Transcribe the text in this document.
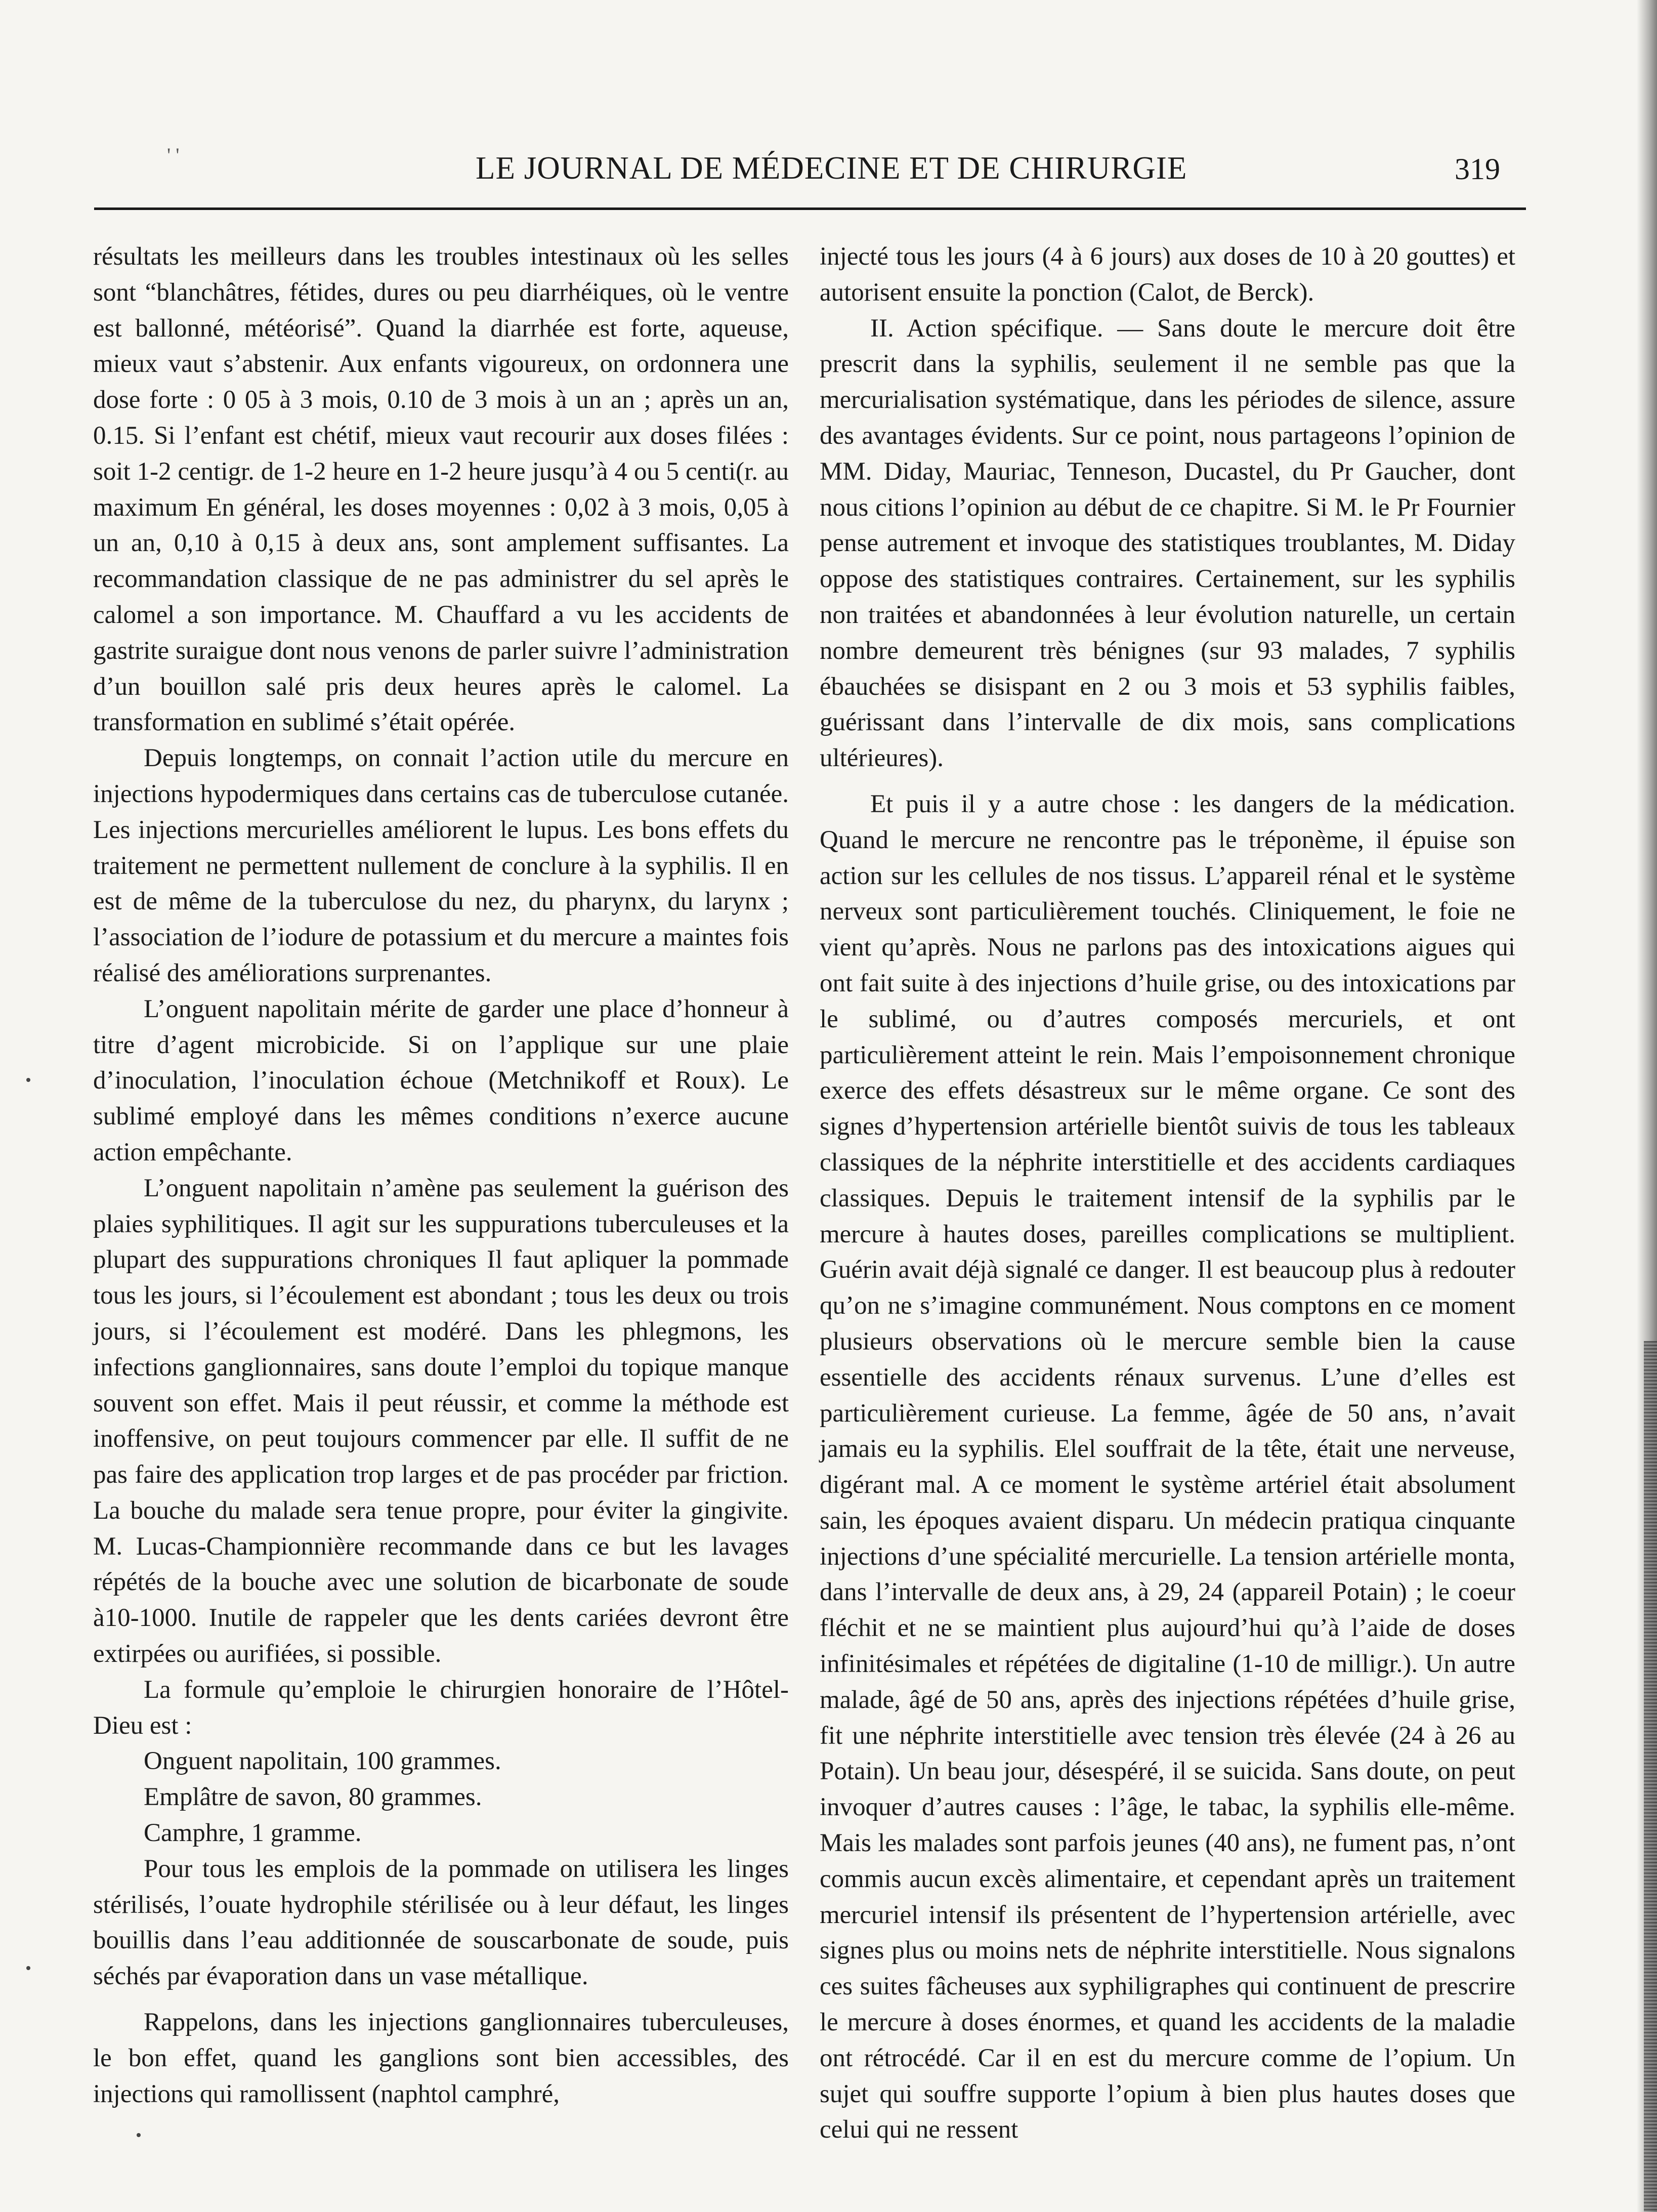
' '	LE JOURNAL DE MÉDECINE ET DE CHIRURGIE	319

résultats les meilleurs dans les troubles intestinaux où les selles sont “blanchâtres, fétides, dures ou peu diarrhéiques, où le ventre est ballonné, météorisé”. Quand la diarrhée est forte, aqueuse, mieux vaut s’abstenir. Aux enfants vigoureux, on ordonnera une dose forte : 0 05 à 3 mois, 0.10 de 3 mois à un an ; après un an, 0.15. Si l’enfant est chétif, mieux vaut recourir aux doses filées : soit 1-2 centigr. de 1-2 heure en 1-2 heure jusqu’à 4 ou 5 centi(r. au maximum En général, les doses moyennes : 0,02 à 3 mois, 0,05 à un an, 0,10 à 0,15 à deux ans, sont amplement suffisantes. La recommandation classique de ne pas administrer du sel après le calomel a son importance. M. Chauffard a vu les accidents de gastrite suraigue dont nous venons de parler suivre l’administration d’un bouillon salé pris deux heures après le calomel. La transformation en sublimé s’était opérée.

Depuis longtemps, on connait l’action utile du mercure en injections hypodermiques dans certains cas de tuberculose cutanée. Les injections mercurielles améliorent le lupus. Les bons effets du traitement ne permettent nullement de conclure à la syphilis. Il en est de même de la tuberculose du nez, du pharynx, du larynx ; l’association de l’iodure de potassium et du mercure a maintes fois réalisé des améliorations surprenantes.

L’onguent napolitain mérite de garder une place d’honneur à titre d’agent microbicide. Si on l’applique sur une plaie d’inoculation, l’inoculation échoue (Metchnikoff et Roux). Le sublimé employé dans les mêmes conditions n’exerce aucune action empêchante.

L’onguent napolitain n’amène pas seulement la guérison des plaies syphilitiques. Il agit sur les suppurations tuberculeuses et la plupart des suppurations chroniques Il faut apliquer la pommade tous les jours, si l’écoulement est abondant ; tous les deux ou trois jours, si l’écoulement est modéré. Dans les phlegmons, les infections ganglionnaires, sans doute l’emploi du topique manque souvent son effet. Mais il peut réussir, et comme la méthode est inoffensive, on peut toujours commencer par elle. Il suffit de ne pas faire des application trop larges et de pas procéder par friction. La bouche du malade sera tenue propre, pour éviter la gingivite. M. Lucas-Championnière recommande dans ce but les lavages répétés de la bouche avec une solution de bicarbonate de soude à10-1000. Inutile de rappeler que les dents cariées devront être extirpées ou aurifiées, si possible.

La formule qu’emploie le chirurgien honoraire de l’Hôtel-Dieu est :

Onguent napolitain, 100 grammes.

Emplâtre de savon, 80 grammes.

Camphre, 1 gramme.

Pour tous les emplois de la pommade on utilisera les linges stérilisés, l’ouate hydrophile stérilisée ou à leur défaut, les linges bouillis dans l’eau additionnée de souscarbonate de soude, puis séchés par évaporation dans un vase métallique.

Rappelons, dans les injections ganglionnaires tuberculeuses, le bon effet, quand les ganglions sont bien accessibles, des injections qui ramollissent (naphtol camphré,

injecté tous les jours (4 à 6 jours) aux doses de 10 à 20 gouttes) et autorisent ensuite la ponction (Calot, de Berck).

II. Action spécifique. — Sans doute le mercure doit être prescrit dans la syphilis, seulement il ne semble pas que la mercurialisation systématique, dans les périodes de silence, assure des avantages évidents. Sur ce point, nous partageons l’opinion de MM. Diday, Mauriac, Tenneson, Ducastel, du Pr Gaucher, dont nous citions l’opinion au début de ce chapitre. Si M. le Pr Fournier pense autrement et invoque des statistiques troublantes, M. Diday oppose des statistiques contraires. Certainement, sur les syphilis non traitées et abandonnées à leur évolution naturelle, un certain nombre demeurent très bénignes (sur 93 malades, 7 syphilis ébauchées se disispant en 2 ou 3 mois et 53 syphilis faibles, guérissant dans l’intervalle de dix mois, sans complications ultérieures).

Et puis il y a autre chose : les dangers de la médication. Quand le mercure ne rencontre pas le tréponème, il épuise son action sur les cellules de nos tissus. L’appareil rénal et le système nerveux sont particulièrement touchés. Cliniquement, le foie ne vient qu’après. Nous ne parlons pas des intoxications aigues qui ont fait suite à des injections d’huile grise, ou des intoxications par le sublimé, ou d’autres composés mercuriels, et ont particulièrement atteint le rein. Mais l’empoisonnement chronique exerce des effets désastreux sur le même organe. Ce sont des signes d’hypertension artérielle bientôt suivis de tous les tableaux classiques de la néphrite interstitielle et des accidents cardiaques classiques. Depuis le traitement intensif de la syphilis par le mercure à hautes doses, pareilles complications se multiplient. Guérin avait déjà signalé ce danger. Il est beaucoup plus à redouter qu’on ne s’imagine communément. Nous comptons en ce moment plusieurs observations où le mercure semble bien la cause essentielle des accidents rénaux survenus. L’une d’elles est particulièrement curieuse. La femme, âgée de 50 ans, n’avait jamais eu la syphilis. Elel souffrait de la tête, était une nerveuse, digérant mal. A ce moment le système artériel était absolument sain, les époques avaient disparu. Un médecin pratiqua cinquante injections d’une spécialité mercurielle. La tension artérielle monta, dans l’intervalle de deux ans, à 29, 24 (appareil Potain) ; le coeur fléchit et ne se maintient plus aujourd’hui qu’à l’aide de doses infinitésimales et répétées de digitaline (1-10 de milligr.). Un autre malade, âgé de 50 ans, après des injections répétées d’huile grise, fit une néphrite interstitielle avec tension très élevée (24 à 26 au Potain). Un beau jour, désespéré, il se suicida. Sans doute, on peut invoquer d’autres causes : l’âge, le tabac, la syphilis elle-même. Mais les malades sont parfois jeunes (40 ans), ne fument pas, n’ont commis aucun excès alimentaire, et cependant après un traitement mercuriel intensif ils présentent de l’hypertension artérielle, avec signes plus ou moins nets de néphrite interstitielle. Nous signalons ces suites fâcheuses aux syphiligraphes qui continuent de prescrire le mercure à doses énormes, et quand les accidents de la maladie ont rétrocédé. Car il en est du mercure comme de l’opium. Un sujet qui souffre supporte l’opium à bien plus hautes doses que celui qui ne ressent
